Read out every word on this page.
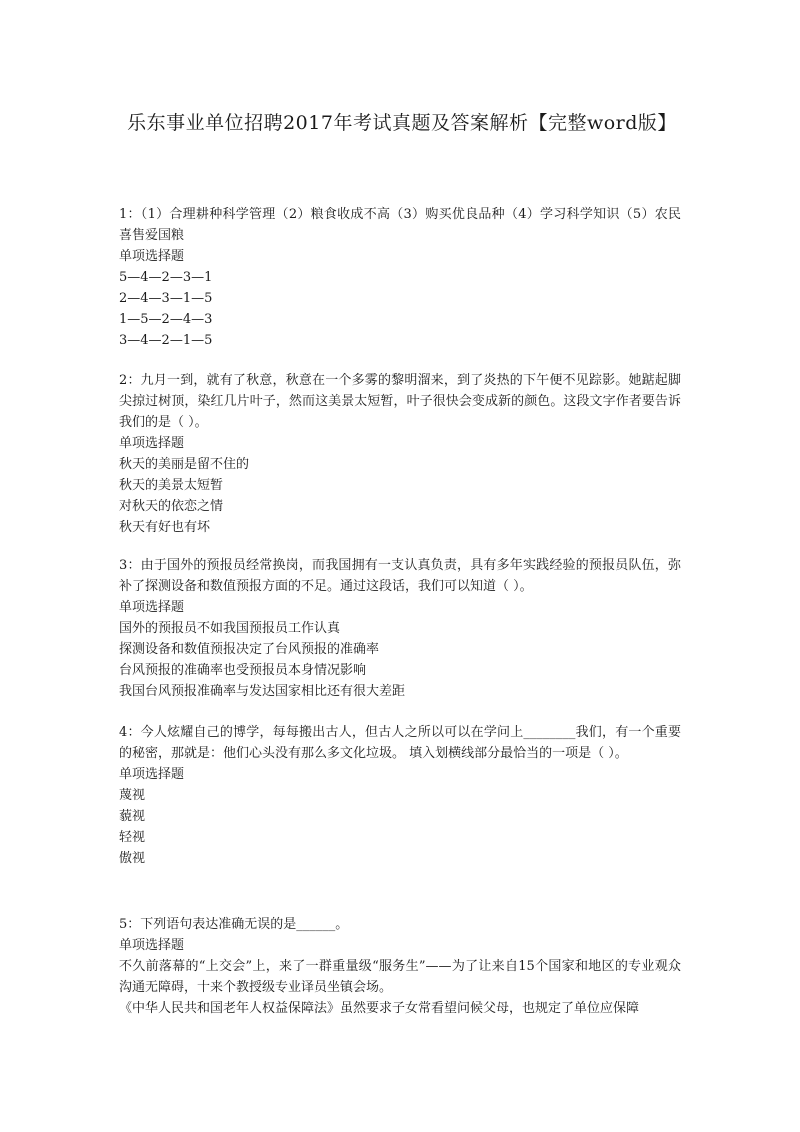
乐东事业单位招聘2017年考试真题及答案解析【完整word版】
1：（1）合理耕种科学管理（2）粮食收成不高（3）购买优良品种（4）学习科学知识（5）农民喜售爱国粮
单项选择题
5—4—2—3—1
2—4—3—1—5
1—5—2—4—3
3—4—2—1—5
2：九月一到，就有了秋意，秋意在一个多雾的黎明溜来，到了炎热的下午便不见踪影。她踮起脚尖掠过树顶，染红几片叶子，然而这美景太短暂，叶子很快会变成新的颜色。这段文字作者要告诉我们的是（ ）。
单项选择题
秋天的美丽是留不住的
秋天的美景太短暂
对秋天的依恋之情
秋天有好也有坏
3：由于国外的预报员经常换岗，而我国拥有一支认真负责，具有多年实践经验的预报员队伍，弥补了探测设备和数值预报方面的不足。通过这段话，我们可以知道（ ）。
单项选择题
国外的预报员不如我国预报员工作认真
探测设备和数值预报决定了台风预报的准确率
台风预报的准确率也受预报员本身情况影响
我国台风预报准确率与发达国家相比还有很大差距
4：今人炫耀自己的博学，每每搬出古人，但古人之所以可以在学问上________我们，有一个重要的秘密，那就是：他们心头没有那么多文化垃圾。 填入划横线部分最恰当的一项是（ ）。
单项选择题
蔑视
藐视
轻视
傲视
5：下列语句表达准确无误的是______。
单项选择题
不久前落幕的“上交会”上，来了一群重量级“服务生”——为了让来自15个国家和地区的专业观众沟通无障碍，十来个教授级专业译员坐镇会场。
《中华人民共和国老年人权益保障法》虽然要求子女常看望问候父母，也规定了单位应保障
